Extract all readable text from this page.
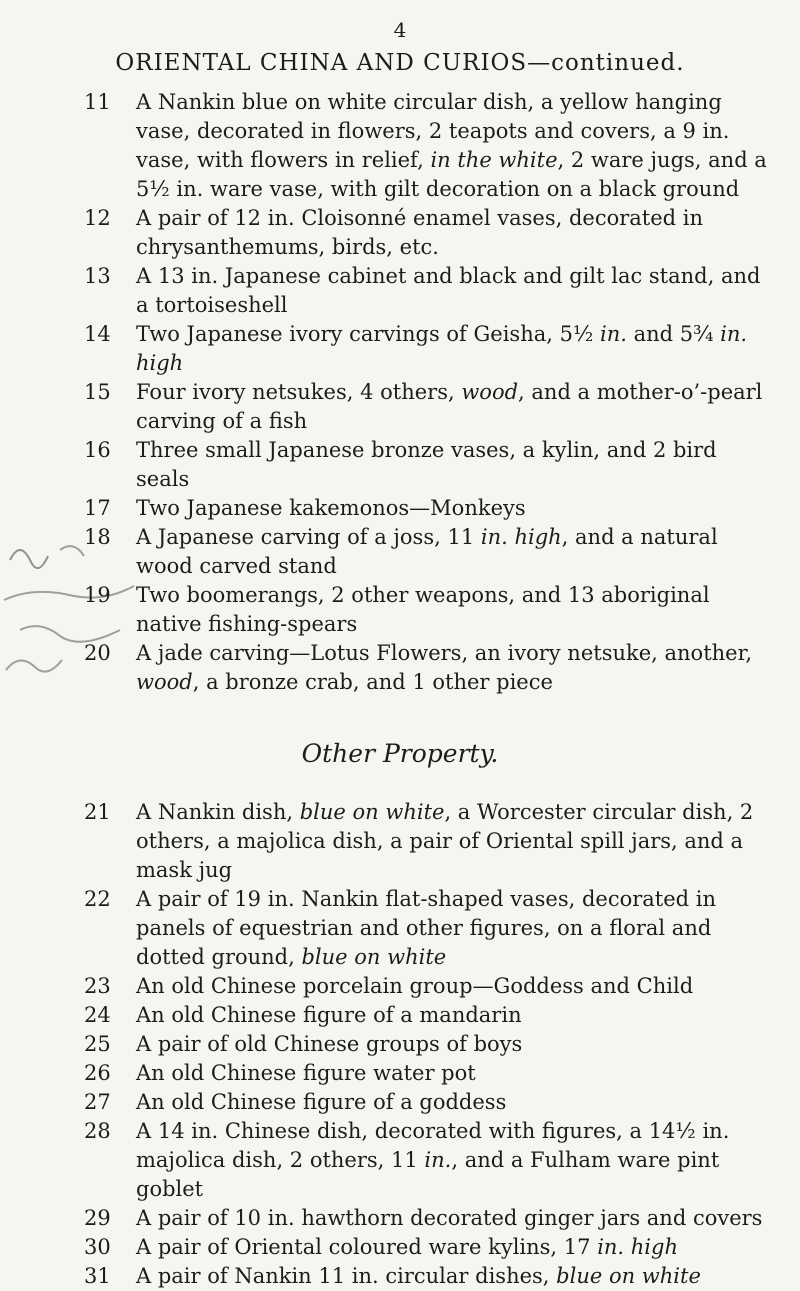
4
ORIENTAL CHINA AND CURIOS—continued.
11	A Nankin blue on white circular dish, a yellow hanging vase, decorated in flowers, 2 teapots and covers, a 9 in. vase, with flowers in relief, in the white, 2 ware jugs, and a 5½ in. ware vase, with gilt decoration on a black ground
12	A pair of 12 in. Cloisonné enamel vases, decorated in chrysanthemums, birds, etc.
13	A 13 in. Japanese cabinet and black and gilt lac stand, and a tortoiseshell
14	Two Japanese ivory carvings of Geisha, 5½ in. and 5¾ in. high
15	Four ivory netsukes, 4 others, wood, and a mother-o’-pearl carving of a fish
16	Three small Japanese bronze vases, a kylin, and 2 bird seals
17	Two Japanese kakemonos—Monkeys
18	A Japanese carving of a joss, 11 in. high, and a natural wood carved stand
19	Two boomerangs, 2 other weapons, and 13 aboriginal native fishing-spears
20	A jade carving—Lotus Flowers, an ivory netsuke, another, wood, a bronze crab, and 1 other piece
Other Property.
21	A Nankin dish, blue on white, a Worcester circular dish, 2 others, a majolica dish, a pair of Oriental spill jars, and a mask jug
22	A pair of 19 in. Nankin flat-shaped vases, decorated in panels of equestrian and other figures, on a floral and dotted ground, blue on white
23	An old Chinese porcelain group—Goddess and Child
24	An old Chinese figure of a mandarin
25	A pair of old Chinese groups of boys
26	An old Chinese figure water pot
27	An old Chinese figure of a goddess
28	A 14 in. Chinese dish, decorated with figures, a 14½ in. majolica dish, 2 others, 11 in., and a Fulham ware pint goblet
29	A pair of 10 in. hawthorn decorated ginger jars and covers
30	A pair of Oriental coloured ware kylins, 17 in. high
31	A pair of Nankin 11 in. circular dishes, blue on white
